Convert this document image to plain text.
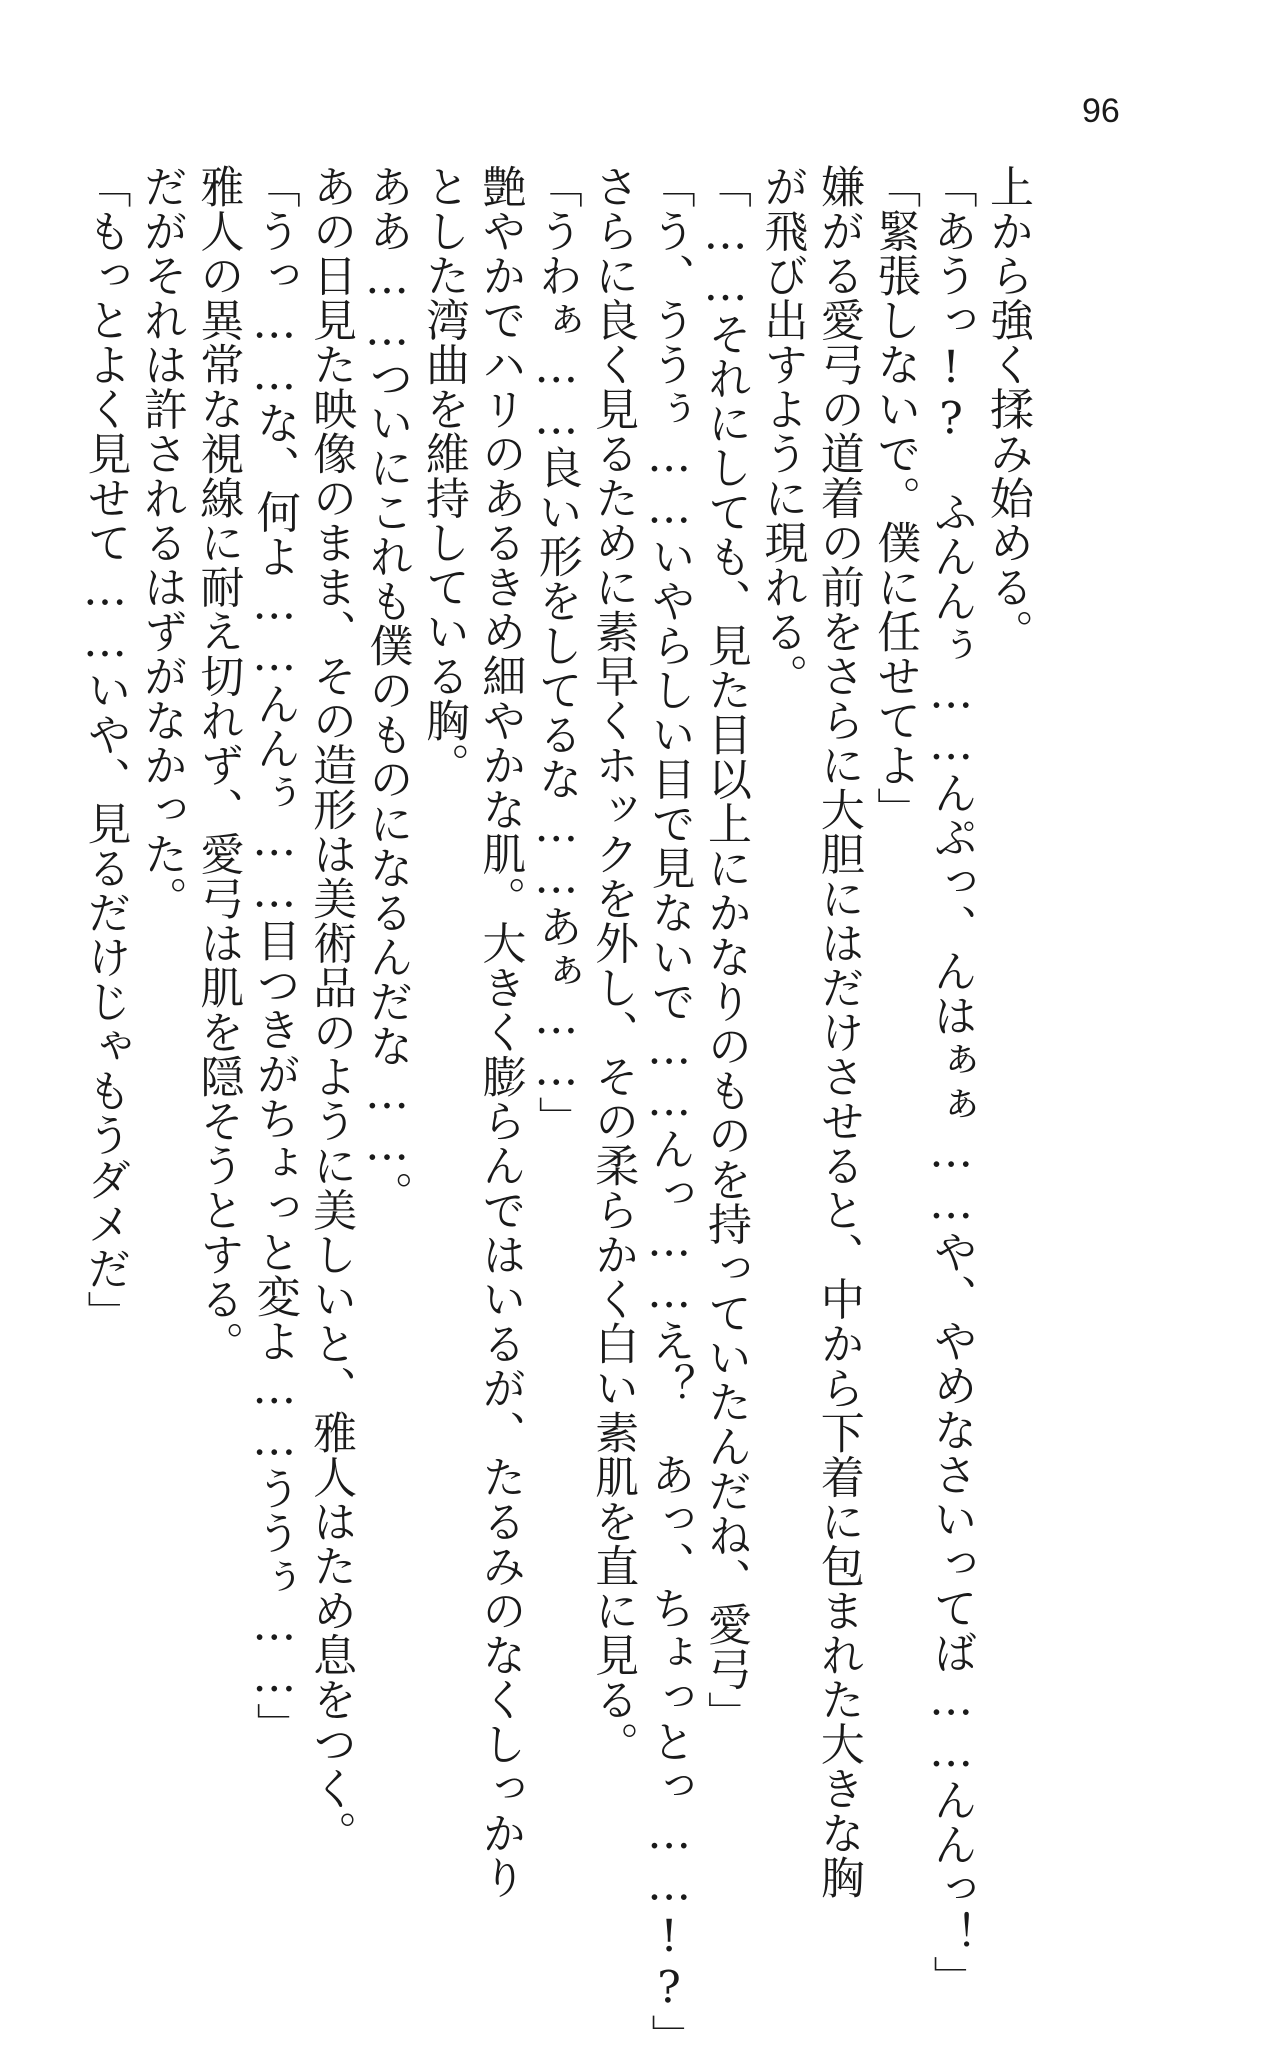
96
上から強く揉み始める。
「あうっ!?　ふんんぅ……んぷっ、んはぁぁ……や、やめなさいってば……んんっ！」
「緊張しないで。僕に任せてよ」
嫌がる愛弓の道着の前をさらに大胆にはだけさせると、中から下着に包まれた大きな胸
が飛び出すように現れる。
「……それにしても、見た目以上にかなりのものを持っていたんだね、愛弓」
「う、ううぅ……いやらしい目で見ないで……んっ……え？　あっ、ちょっとっ……!?」
さらに良く見るために素早くホックを外し、その柔らかく白い素肌を直に見る。
「うわぁ……良い形をしてるな……あぁ……」
艶やかでハリのあるきめ細やかな肌。大きく膨らんではいるが、たるみのなくしっかり
とした湾曲を維持している胸。
ああ……ついにこれも僕のものになるんだな……。
あの日見た映像のまま、その造形は美術品のように美しいと、雅人はため息をつく。
「うっ……な、何よ……んんぅ……目つきがちょっと変よ……ううぅ……」
雅人の異常な視線に耐え切れず、愛弓は肌を隠そうとする。
だがそれは許されるはずがなかった。
「もっとよく見せて……いや、見るだけじゃもうダメだ」
